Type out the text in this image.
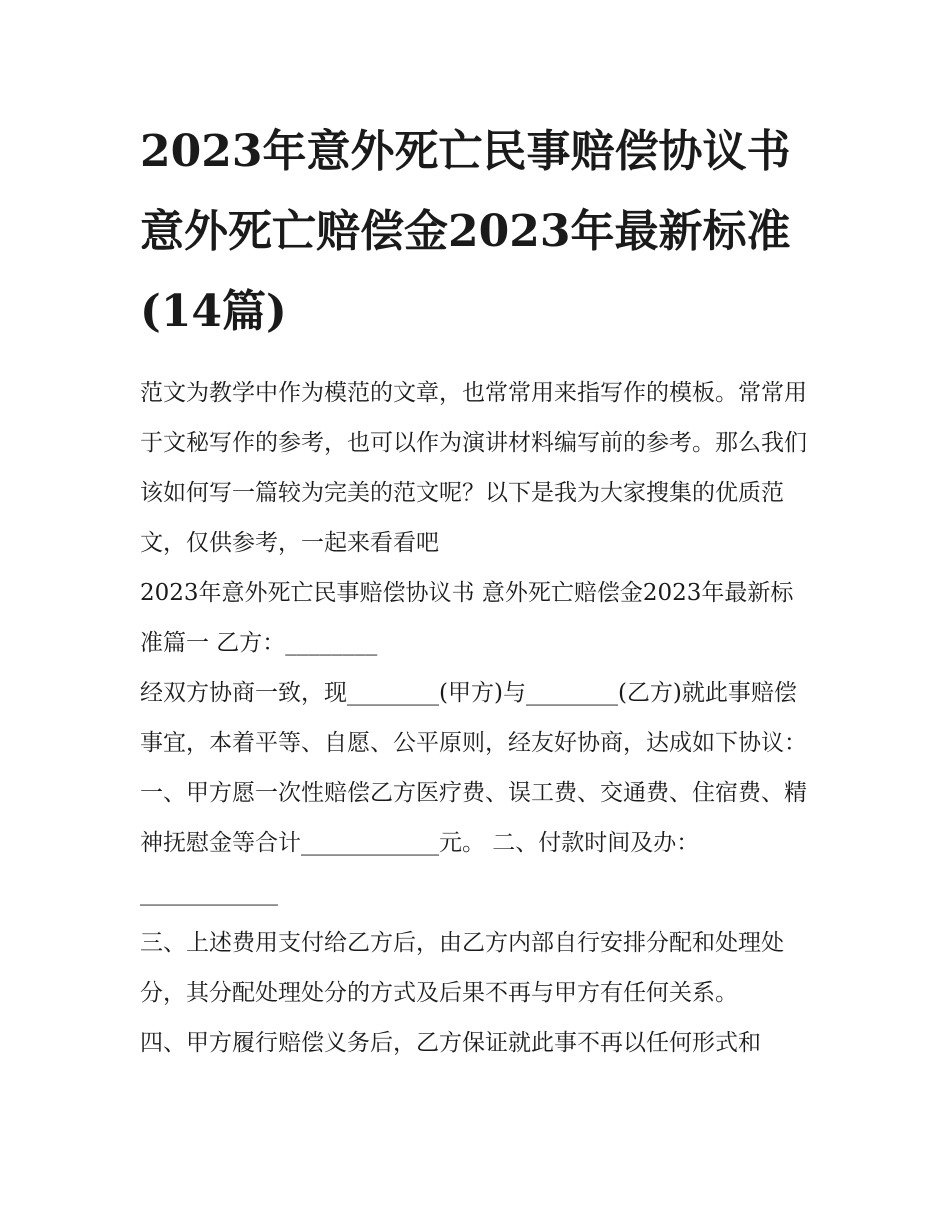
2023年意外死亡民事赔偿协议书 意外死亡赔偿金2023年最新标准(14篇)

范文为教学中作为模范的文章，也常常用来指写作的模板。常常用于文秘写作的参考，也可以作为演讲材料编写前的参考。那么我们该如何写一篇较为完美的范文呢？以下是我为大家搜集的优质范文，仅供参考，一起来看看吧

2023年意外死亡民事赔偿协议书 意外死亡赔偿金2023年最新标准篇一 乙方：________

经双方协商一致，现________(甲方)与________(乙方)就此事赔偿事宜，本着平等、自愿、公平原则，经友好协商，达成如下协议：

一、甲方愿一次性赔偿乙方医疗费、误工费、交通费、住宿费、精神抚慰金等合计____________元。 二、付款时间及办：____________

三、上述费用支付给乙方后，由乙方内部自行安排分配和处理处分，其分配处理处分的方式及后果不再与甲方有任何关系。

四、甲方履行赔偿义务后，乙方保证就此事不再以任何形式和
